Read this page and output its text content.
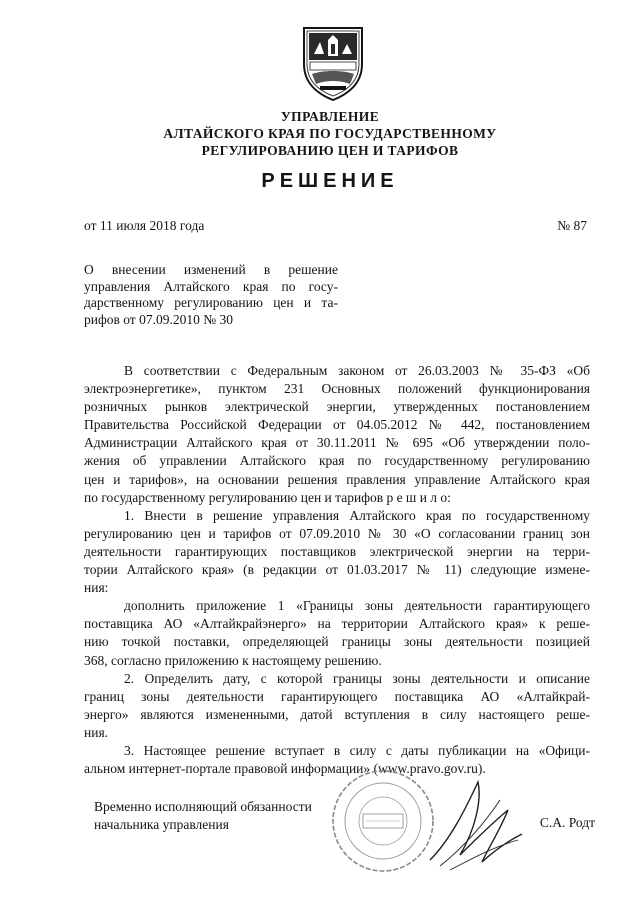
УПРАВЛЕНИЕ
АЛТАЙСКОГО КРАЯ ПО ГОСУДАРСТВЕННОМУ
РЕГУЛИРОВАНИЮ ЦЕН И ТАРИФОВ
РЕШЕНИЕ
от 11 июля 2018 года	№ 87
О внесении изменений в решение
управления Алтайского края по госу-
дарственному регулированию цен и та-
рифов от 07.09.2010 № 30
В соответствии с Федеральным законом от 26.03.2003 № 35-ФЗ «Об
электроэнергетике», пунктом 231 Основных положений функционирования
розничных рынков электрической энергии, утвержденных постановлением
Правительства Российской Федерации от 04.05.2012 № 442, постановлением
Администрации Алтайского края от 30.11.2011 № 695 «Об утверждении поло-
жения об управлении Алтайского края по государственному регулированию
цен и тарифов», на основании решения правления управление Алтайского края
по государственному регулированию цен и тарифов р е ш и л о:
1. Внести в решение управления Алтайского края по государственному
регулированию цен и тарифов от 07.09.2010 № 30 «О согласовании границ зон
деятельности гарантирующих поставщиков электрической энергии на терри-
тории Алтайского края» (в редакции от 01.03.2017 № 11) следующие измене-
ния:
дополнить приложение 1 «Границы зоны деятельности гарантирующего
поставщика АО «Алтайкрайэнерго» на территории Алтайского края» к реше-
нию точкой поставки, определяющей границы зоны деятельности позицией
368, согласно приложению к настоящему решению.
2. Определить дату, с которой границы зоны деятельности и описание
границ зоны деятельности гарантирующего поставщика АО «Алтайкрай-
энерго» являются измененными, датой вступления в силу настоящего реше-
ния.
3. Настоящее решение вступает в силу с даты публикации на «Офици-
альном интернет-портале правовой информации» (www.pravo.gov.ru).
Временно исполняющий обязанности
начальника управления	С.А. Родт
